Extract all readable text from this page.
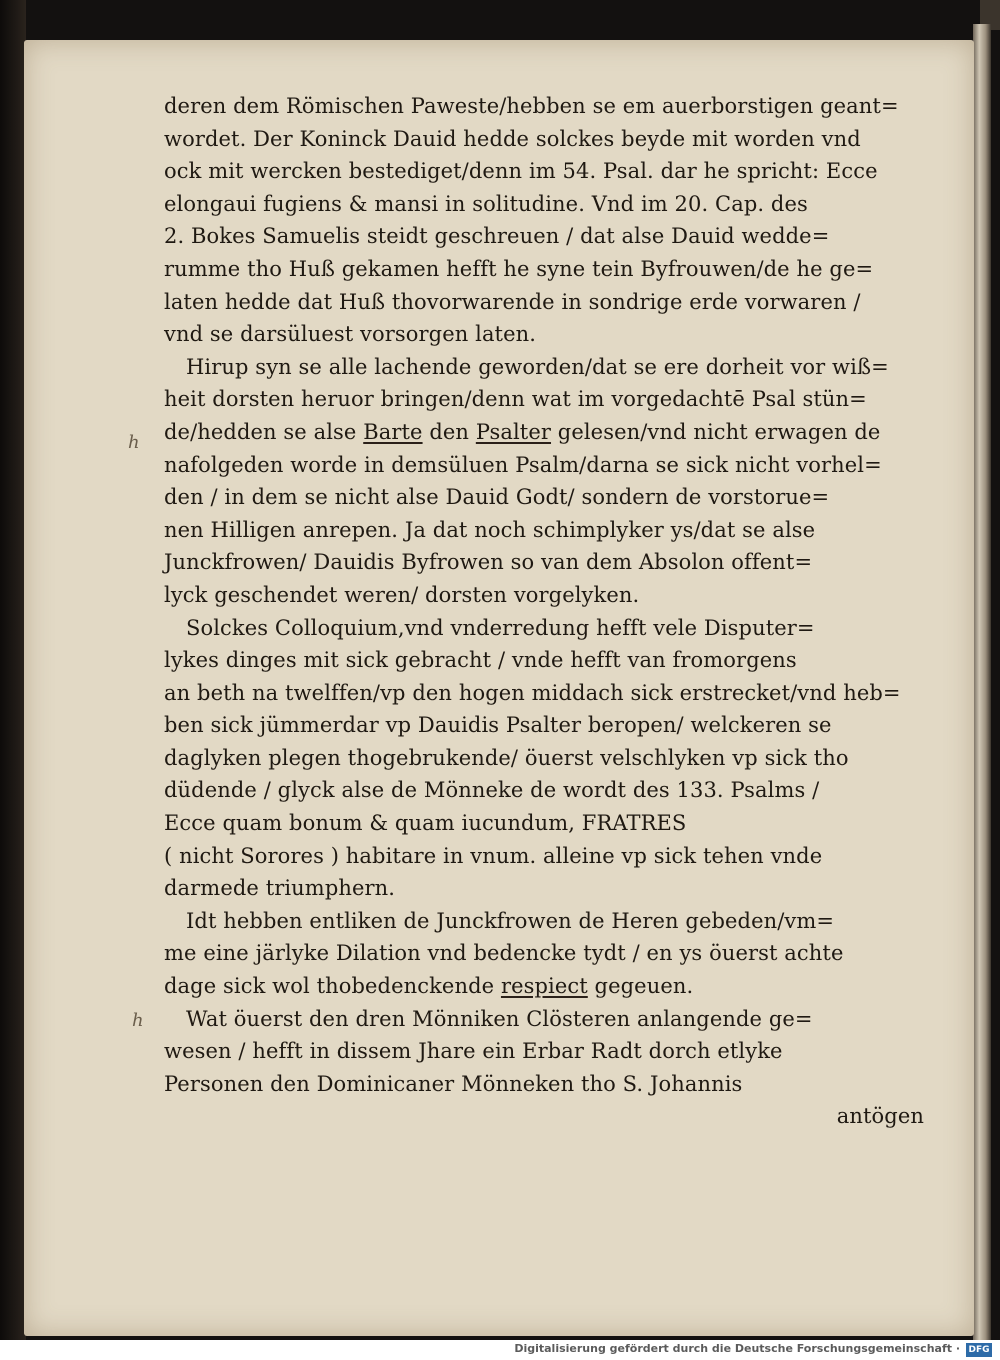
deren dem Römischen Paweste/hebben se em auerborstigen geant=
wordet. Der Koninck Dauid hedde solckes beyde mit worden vnd
ock mit wercken bestediget/denn im 54. Psal. dar he spricht: Ecce
elongaui fugiens & mansi in solitudine. Vnd im 20. Cap. des
2. Bokes Samuelis steidt geschreuen / dat alse Dauid wedde=
rumme tho Huß gekamen hefft he syne tein Byfrouwen/de he ge=
laten hedde dat Huß thovorwarende in sondrige erde vorwaren /
vnd se darsüluest vorsorgen laten.

Hirup syn se alle lachende geworden/dat se ere dorheit vor wiß=
heit dorsten heruor bringen/denn wat im vorgedachtē Psal stün=
de/hedden se alse Barte den Psalter gelesen/vnd nicht erwagen de
nafolgeden worde in demsüluen Psalm/darna se sick nicht vorhel=
den / in dem se nicht alse Dauid Godt/ sondern de vorstorue=
nen Hilligen anrepen. Ja dat noch schimplyker ys/dat se alse
Junckfrowen/ Dauidis Byfrowen so van dem Absolon offent=
lyck geschendet weren/ dorsten vorgelyken.

Solckes Colloquium,vnd vnderredung hefft vele Disputer=
lykes dinges mit sick gebracht / vnde hefft van fromorgens
an beth na twelffen/vp den hogen middach sick erstrecket/vnd heb=
ben sick jümmerdar vp Dauidis Psalter beropen/ welckeren se
daglyken plegen thogebrukende/ öuerst velschlyken vp sick tho
düdende / glyck alse de Mönneke de wordt des 133. Psalms /
Ecce quam bonum & quam iucundum, FRATRES
( nicht Sorores ) habitare in vnum. alleine vp sick tehen vnde
darmede triumphern.

Idt hebben entliken de Junckfrowen de Heren gebeden/vm=
me eine järlyke Dilation vnd bedencke tydt / en ys öuerst achte
dage sick wol thobedenckende respiect gegeuen.

Wat öuerst den dren Mönniken Clösteren anlangende ge=
wesen / hefft in dissem Jhare ein Erbar Radt dorch etlyke
Personen den Dominicaner Mönneken tho S. Johannis

antögen
h
h
Digitalisierung gefördert durch die Deutsche Forschungsgemeinschaft · DFG
